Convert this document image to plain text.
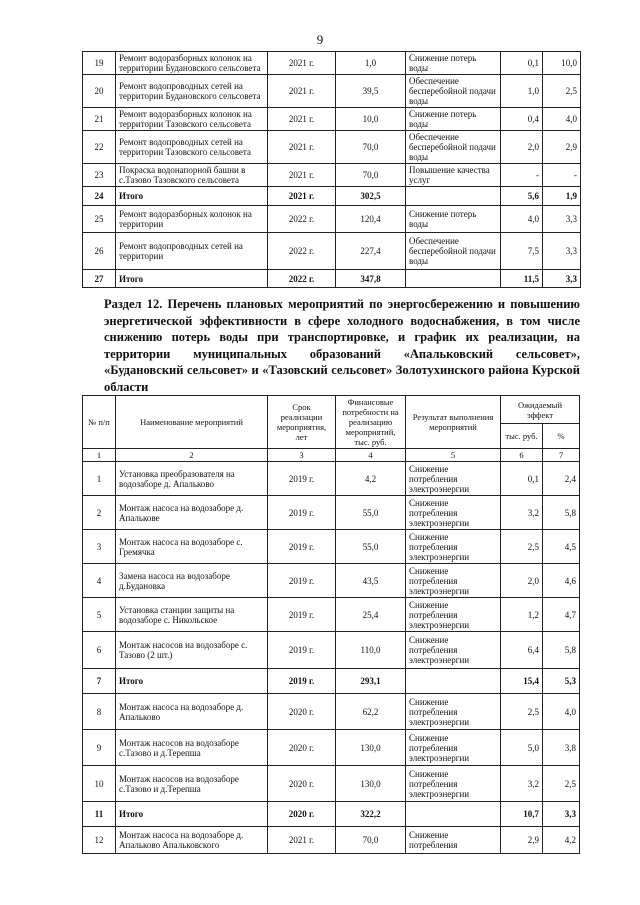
9
19	Ремонт водоразборных колонок на территории Будановского сельсовета	2021 г.	1,0	Снижение потерь воды	0,1	10,0
20	Ремонт водопроводных сетей на территории Будановского сельсовета	2021 г.	39,5	Обеспечение бесперебойной подачи воды	1,0	2,5
21	Ремонт водоразборных колонок на территории Тазовского сельсовета	2021 г.	10,0	Снижение потерь воды	0,4	4,0
22	Ремонт водопроводных сетей на территории Тазовского сельсовета	2021 г.	70,0	Обеспечение бесперебойной подачи воды	2,0	2,9
23	Покраска водонапорной башни в с.Тазово Тазовского сельсовета	2021 г.	70,0	Повышение качества услуг	-	-
24	Итого	2021 г.	302,5		5,6	1,9
25	Ремонт водоразборных колонок на территории	2022 г.	120,4	Снижение потерь воды	4,0	3,3
26	Ремонт водопроводных сетей на территории	2022 г.	227,4	Обеспечение бесперебойной подачи воды	7,5	3,3
27	Итого	2022 г.	347,8		11,5	3,3
Раздел 12. Перечень плановых мероприятий по энергосбережению и повышению энергетической эффективности в сфере холодного водоснабжения, в том числе снижению потерь воды при транспортировке, и график их реализации, на территории муниципальных образований «Апальковский сельсовет», «Будановский сельсовет» и «Тазовский сельсовет» Золотухинского района Курской области
№ п/п	Наименование мероприятий	Срок реализации мероприятия, лет	Финансовые потребности на реализацию мероприятий, тыс. руб.	Результат выполнения мероприятий	Ожидаемый эффект	
					тыс. руб.	%
1	2	3	4	5	6	7
1	Установка преобразователя на водозаборе д. Апальково	2019 г.	4,2	Снижение потребления электроэнергии	0,1	2,4
2	Монтаж насоса на водозаборе д. Апалькове	2019 г.	55,0	Снижение потребления электроэнергии	3,2	5,8
3	Монтаж насоса на водозаборе с. Гремячка	2019 г.	55,0	Снижение потребления электроэнергии	2,5	4,5
4	Замена насоса на водозаборе д.Будановка	2019 г.	43,5	Снижение потребления электроэнергии	2,0	4,6
5	Установка станции защиты на водозаборе с. Никольское	2019 г.	25,4	Снижение потребления электроэнергии	1,2	4,7
6	Монтаж насосов на водозаборе с. Тазово (2 шт.)	2019 г.	110,0	Снижение потребления электроэнергии	6,4	5,8
7	Итого	2019 г.	293,1		15,4	5,3
8	Монтаж насоса на водозаборе д. Апальково	2020 г.	62,2	Снижение потребления электроэнергии	2,5	4,0
9	Монтаж насосов на водозаборе с.Тазово и д.Терепша	2020 г.	130,0	Снижение потребления электроэнергии	5,0	3,8
10	Монтаж насосов на водозаборе с.Тазово и д.Терепша	2020 г.	130,0	Снижение потребления электроэнергии	3,2	2,5
11	Итого	2020 г.	322,2		10,7	3,3
12	Монтаж насоса на водозаборе д. Апальково Апальковского	2021 г.	70,0	Снижение потребления	2,9	4,2
